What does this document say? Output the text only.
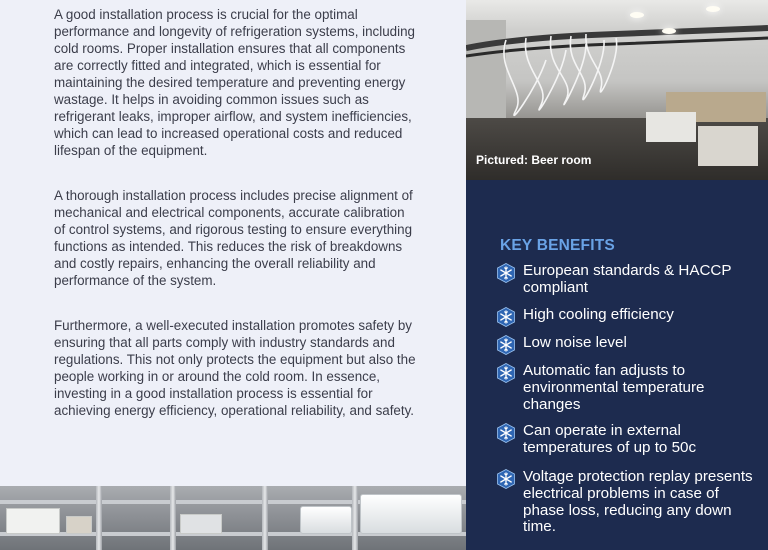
A good installation process is crucial for the optimal performance and longevity of refrigeration systems, including cold rooms. Proper installation ensures that all components are correctly fitted and integrated, which is essential for maintaining the desired temperature and preventing energy wastage. It helps in avoiding common issues such as refrigerant leaks, improper airflow, and system inefficiencies, which can lead to increased operational costs and reduced lifespan of the equipment.

A thorough installation process includes precise alignment of mechanical and electrical components, accurate calibration of control systems, and rigorous testing to ensure everything functions as intended. This reduces the risk of breakdowns and costly repairs, enhancing the overall reliability and performance of the system.

Furthermore, a well-executed installation promotes safety by ensuring that all parts comply with industry standards and regulations. This not only protects the equipment but also the people working in or around the cold room. In essence, investing in a good installation process is essential for achieving energy efficiency, operational reliability, and safety.

Pictured: Beer room
KEY BENEFITS
European standards & HACCP compliant
High cooling efficiency
Low noise level
Automatic fan adjusts to environmental temperature changes
Can operate in external temperatures of up to 50c
Voltage protection replay presents electrical problems in case of phase loss, reducing any down time.
